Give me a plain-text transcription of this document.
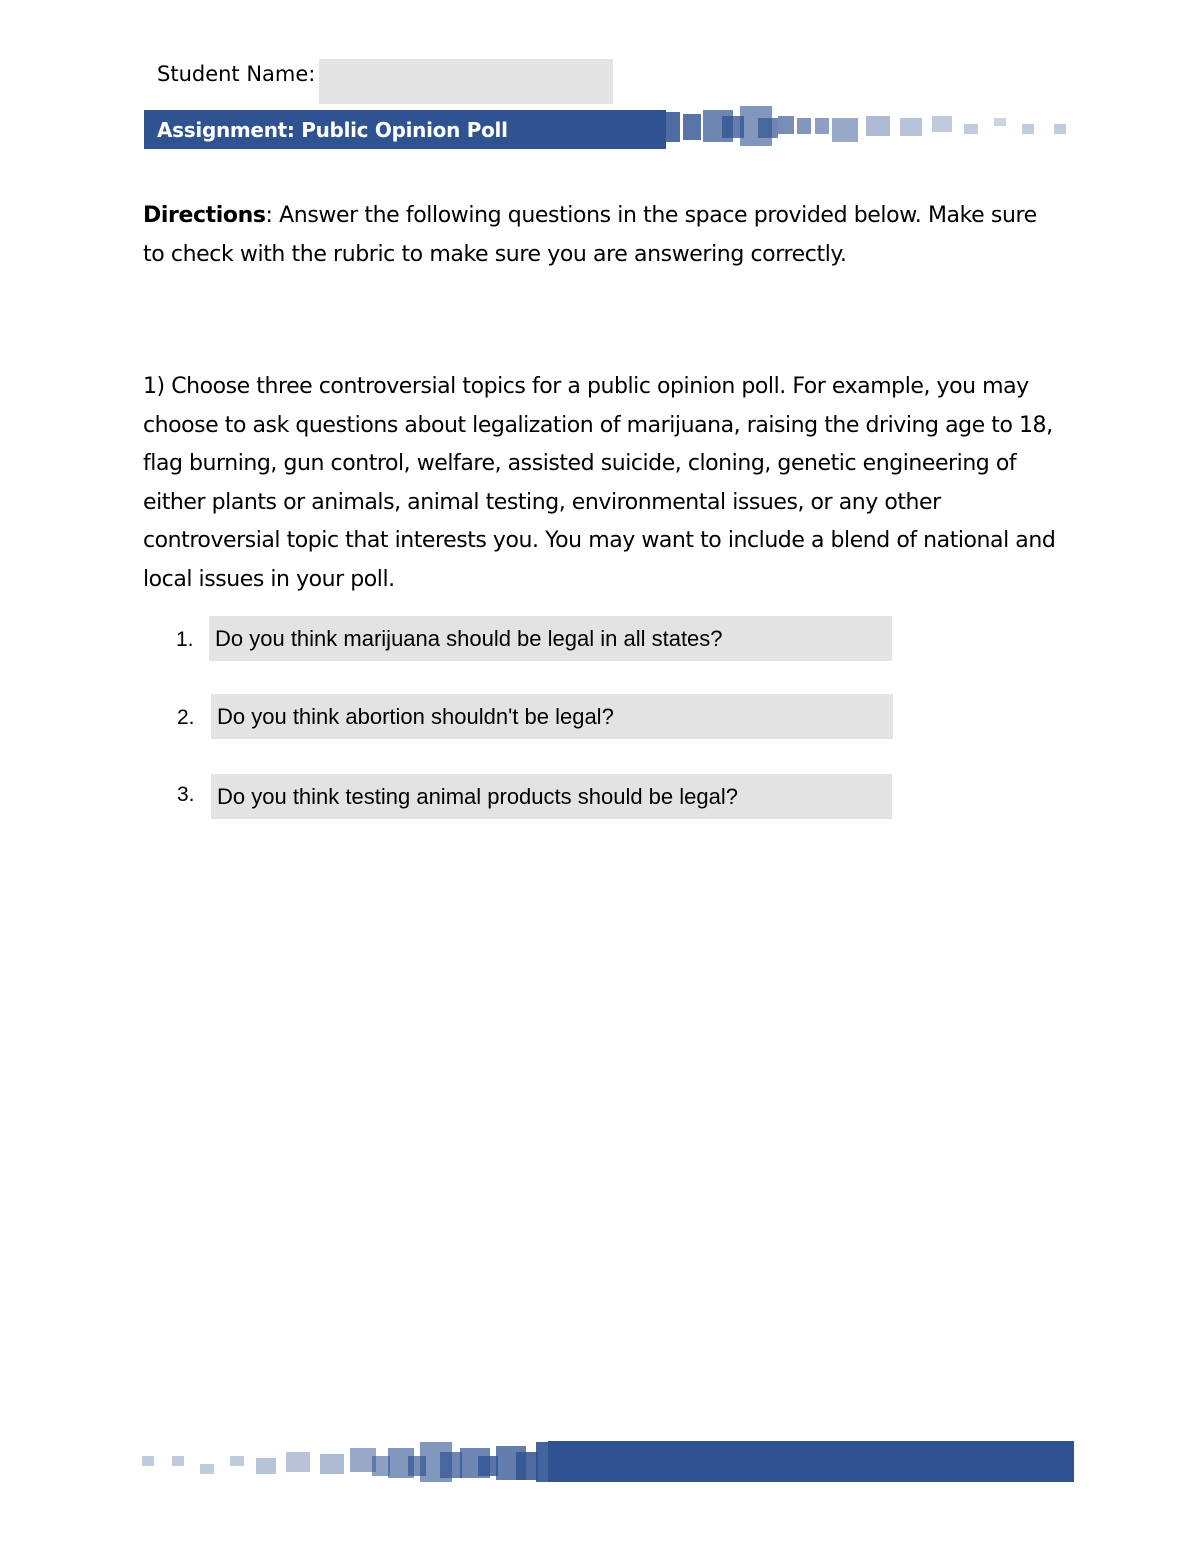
Student Name:
Assignment: Public Opinion Poll
Directions: Answer the following questions in the space provided below. Make sure to check with the rubric to make sure you are answering correctly.
1) Choose three controversial topics for a public opinion poll. For example, you may choose to ask questions about legalization of marijuana, raising the driving age to 18, flag burning, gun control, welfare, assisted suicide, cloning, genetic engineering of either plants or animals, animal testing, environmental issues, or any other controversial topic that interests you. You may want to include a blend of national and local issues in your poll.
1. Do you think marijuana should be legal in all states?
2. Do you think abortion shouldn't be legal?
3. Do you think testing animal products should be legal?
